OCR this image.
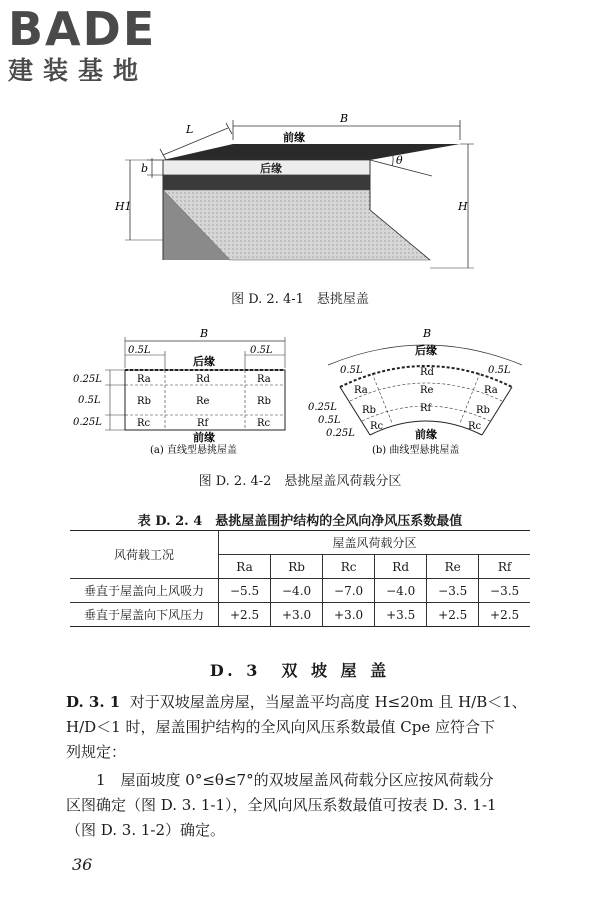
BADE
建装基地
L
B
前缘
后缘
θ
b
H1	H
图 D. 2. 4-1　悬挑屋盖
B
0.5L	0.5L
后缘
Ra	Rd	Ra
Rb	Re	Rb
Rc	Rf	Rc
0.25L
0.5L
0.25L
前缘
(a) 直线型悬挑屋盖
B
后缘
0.5L	0.5L
Ra
Rd
Ra
Rb
Re
Rb
Rc
Rf
Rc
0.25L
0.5L
0.25L	前缘
(b) 曲线型悬挑屋盖
图 D. 2. 4-2　悬挑屋盖风荷载分区
表 D. 2. 4　悬挑屋盖围护结构的全风向净风压系数最值
风荷载工况	屋盖风荷载分区					
	Ra	Rb	Rc	Rd	Re	Rf
垂直于屋盖向上风吸力	−5.5	−4.0	−7.0	−4.0	−3.5	−3.5
垂直于屋盖向下风压力	+2.5	+3.0	+3.0	+3.5	+2.5	+2.5
D. 3　双 坡 屋 盖
D. 3. 1 对于双坡屋盖房屋，当屋盖平均高度 H≤20m 且 H/B＜1、
H/D＜1 时，屋盖围护结构的全风向风压系数最值 Cpe 应符合下
列规定：
1　屋面坡度 0°≤θ≤7°的双坡屋盖风荷载分区应按风荷载分
区图确定（图 D. 3. 1-1），全风向风压系数最值可按表 D. 3. 1-1
（图 D. 3. 1-2）确定。
36
